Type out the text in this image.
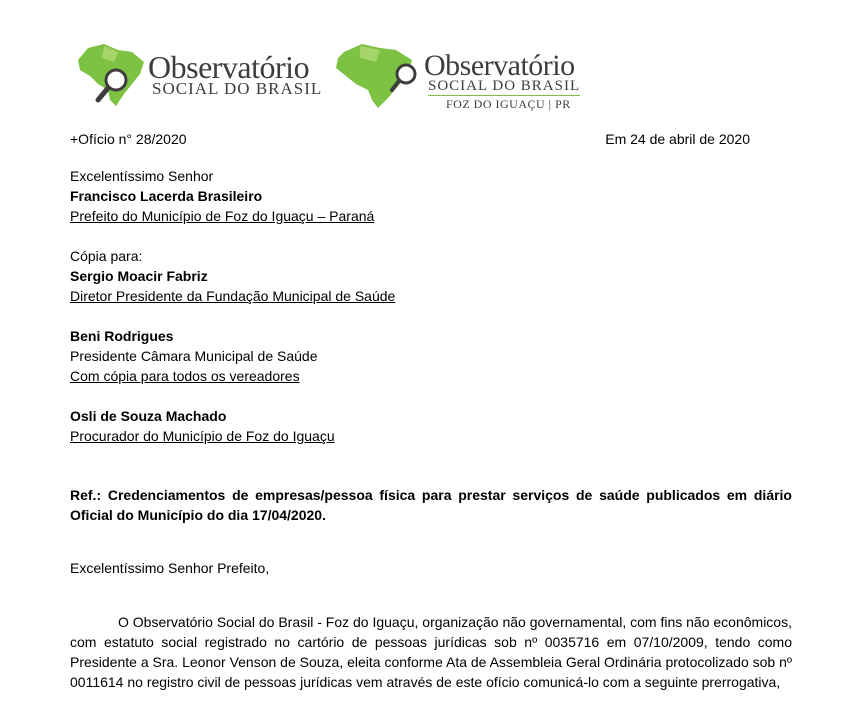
Observatório
SOCIAL DO BRASIL
Observatório
SOCIAL DO BRASIL
FOZ DO IGUAÇU | PR
+Ofício n° 28/2020	Em 24 de abril de 2020
Excelentíssimo Senhor
Francisco Lacerda Brasileiro
Prefeito do Município de Foz do Iguaçu – Paraná
Cópia para:
Sergio Moacir Fabriz
Diretor Presidente da Fundação Municipal de Saúde
Beni Rodrigues
Presidente Câmara Municipal de Saúde
Com cópia para todos os vereadores
Osli de Souza Machado
Procurador do Município de Foz do Iguaçu
Ref.: Credenciamentos de empresas/pessoa física para prestar serviços de saúde publicados em diário Oficial do Município do dia 17/04/2020.
Excelentíssimo Senhor Prefeito,
O Observatório Social do Brasil - Foz do Iguaçu, organização não governamental, com fins não econômicos, com estatuto social registrado no cartório de pessoas jurídicas sob nº 0035716 em 07/10/2009, tendo como Presidente a Sra. Leonor Venson de Souza, eleita conforme Ata de Assembleia Geral Ordinária protocolizado sob nº 0011614 no registro civil de pessoas jurídicas vem através de este ofício comunicá-lo com a seguinte prerrogativa,
